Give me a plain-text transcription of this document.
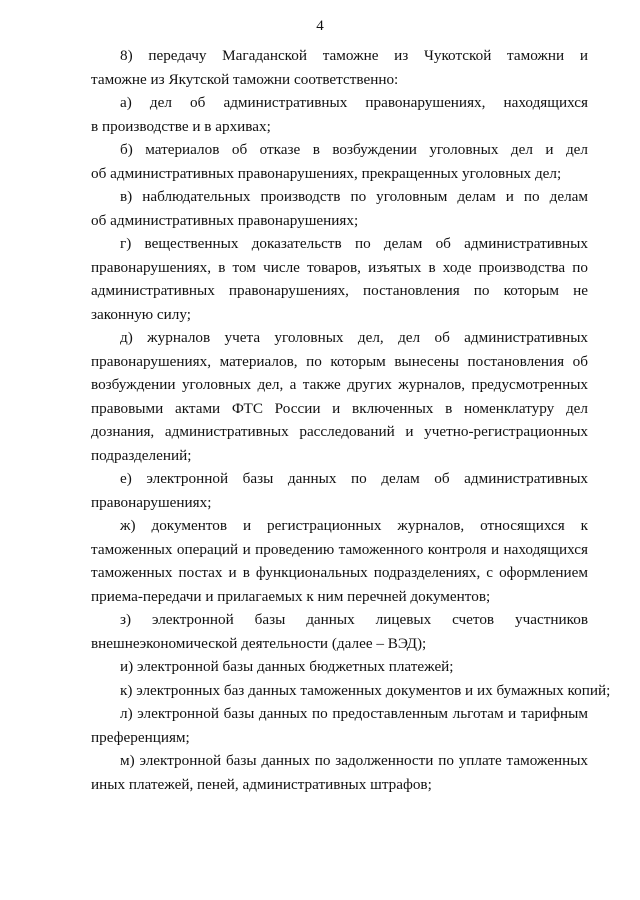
4
8) передачу Магаданской таможне из Чукотской таможни и
таможне из Якутской таможни соответственно:
а) дел об административных правонарушениях, находящихся
в производстве и в архивах;
б) материалов об отказе в возбуждении уголовных дел и дел
об административных правонарушениях, прекращенных уголовных дел;
в) наблюдательных производств по уголовным делам и по делам
об административных правонарушениях;
г) вещественных доказательств по делам об административных
правонарушениях, в том числе товаров, изъятых в ходе производства по
административных правонарушениях, постановления по которым не
законную силу;
д) журналов учета уголовных дел, дел об административных
правонарушениях, материалов, по которым вынесены постановления об
возбуждении уголовных дел, а также других журналов, предусмотренных
правовыми актами ФТС России и включенных в номенклатуру дел
дознания, административных расследований и учетно-регистрационных
подразделений;
е) электронной базы данных по делам об административных
правонарушениях;
ж) документов и регистрационных журналов, относящихся к
таможенных операций и проведению таможенного контроля и находящихся
таможенных постах и в функциональных подразделениях, с оформлением
приема-передачи и прилагаемых к ним перечней документов;
з) электронной базы данных лицевых счетов участников
внешнеэкономической деятельности (далее – ВЭД);
и) электронной базы данных бюджетных платежей;
к) электронных баз данных таможенных документов и их бумажных копий;
л) электронной базы данных по предоставленным льготам и тарифным
преференциям;
м) электронной базы данных по задолженности по уплате таможенных
иных платежей, пеней, административных штрафов;
